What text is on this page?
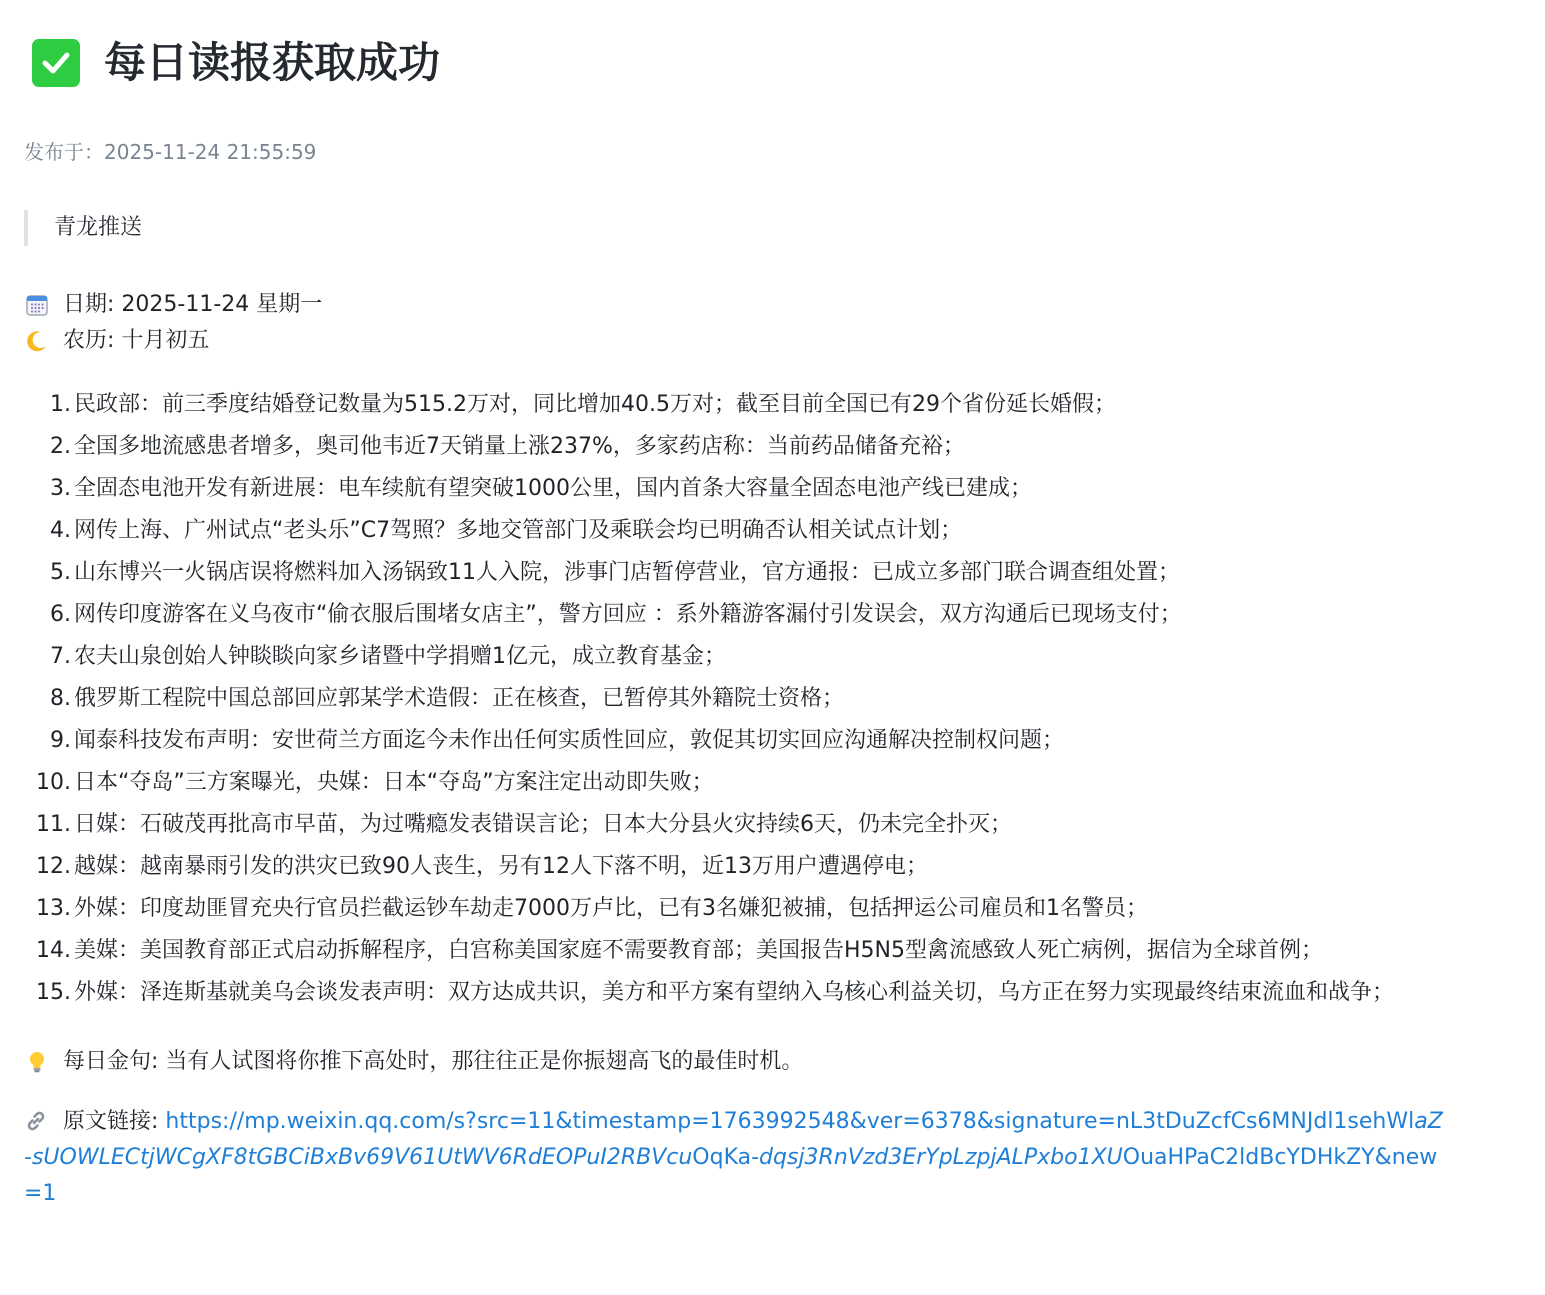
每日读报获取成功
发布于：2025-11-24 21:55:59
青龙推送
日期: 2025-11-24 星期一
农历: 十月初五
1. 民政部：前三季度结婚登记数量为515.2万对，同比增加40.5万对；截至目前全国已有29个省份延长婚假；
2. 全国多地流感患者增多，奥司他韦近7天销量上涨237%，多家药店称：当前药品储备充裕；
3. 全固态电池开发有新进展：电车续航有望突破1000公里，国内首条大容量全固态电池产线已建成；
4. 网传上海、广州试点“老头乐”C7驾照？多地交管部门及乘联会均已明确否认相关试点计划；
5. 山东博兴一火锅店误将燃料加入汤锅致11人入院，涉事门店暂停营业，官方通报：已成立多部门联合调查组处置；
6. 网传印度游客在义乌夜市“偷衣服后围堵女店主”，警方回应 ：系外籍游客漏付引发误会，双方沟通后已现场支付；
7. 农夫山泉创始人钟睒睒向家乡诸暨中学捐赠1亿元，成立教育基金；
8. 俄罗斯工程院中国总部回应郭某学术造假：正在核查，已暂停其外籍院士资格；
9. 闻泰科技发布声明：安世荷兰方面迄今未作出任何实质性回应，敦促其切实回应沟通解决控制权问题；
10. 日本“夺岛”三方案曝光，央媒：日本“夺岛”方案注定出动即失败；
11. 日媒：石破茂再批高市早苗，为过嘴瘾发表错误言论；日本大分县火灾持续6天，仍未完全扑灭；
12. 越媒：越南暴雨引发的洪灾已致90人丧生，另有12人下落不明，近13万用户遭遇停电；
13. 外媒：印度劫匪冒充央行官员拦截运钞车劫走7000万卢比，已有3名嫌犯被捕，包括押运公司雇员和1名警员；
14. 美媒：美国教育部正式启动拆解程序，白宫称美国家庭不需要教育部；美国报告H5N5型禽流感致人死亡病例，据信为全球首例；
15. 外媒：泽连斯基就美乌会谈发表声明：双方达成共识，美方和平方案有望纳入乌核心利益关切，乌方正在努力实现最终结束流血和战争；
每日金句: 当有人试图将你推下高处时，那往往正是你振翅高飞的最佳时机。
原文链接: https://mp.weixin.qq.com/s?src=11&timestamp=1763992548&ver=6378&signature=nL3tDuZcfCs6MNJdl1sehWlaZ-sUOWLECtjWCgXF8tGBCiBxBv69V61UtWV6RdEOPuI2RBVcuOqKa-dqsj3RnVzd3ErYpLzpjALPxbo1XUOuaHPaC2ldBcYDHkZY&new=1
